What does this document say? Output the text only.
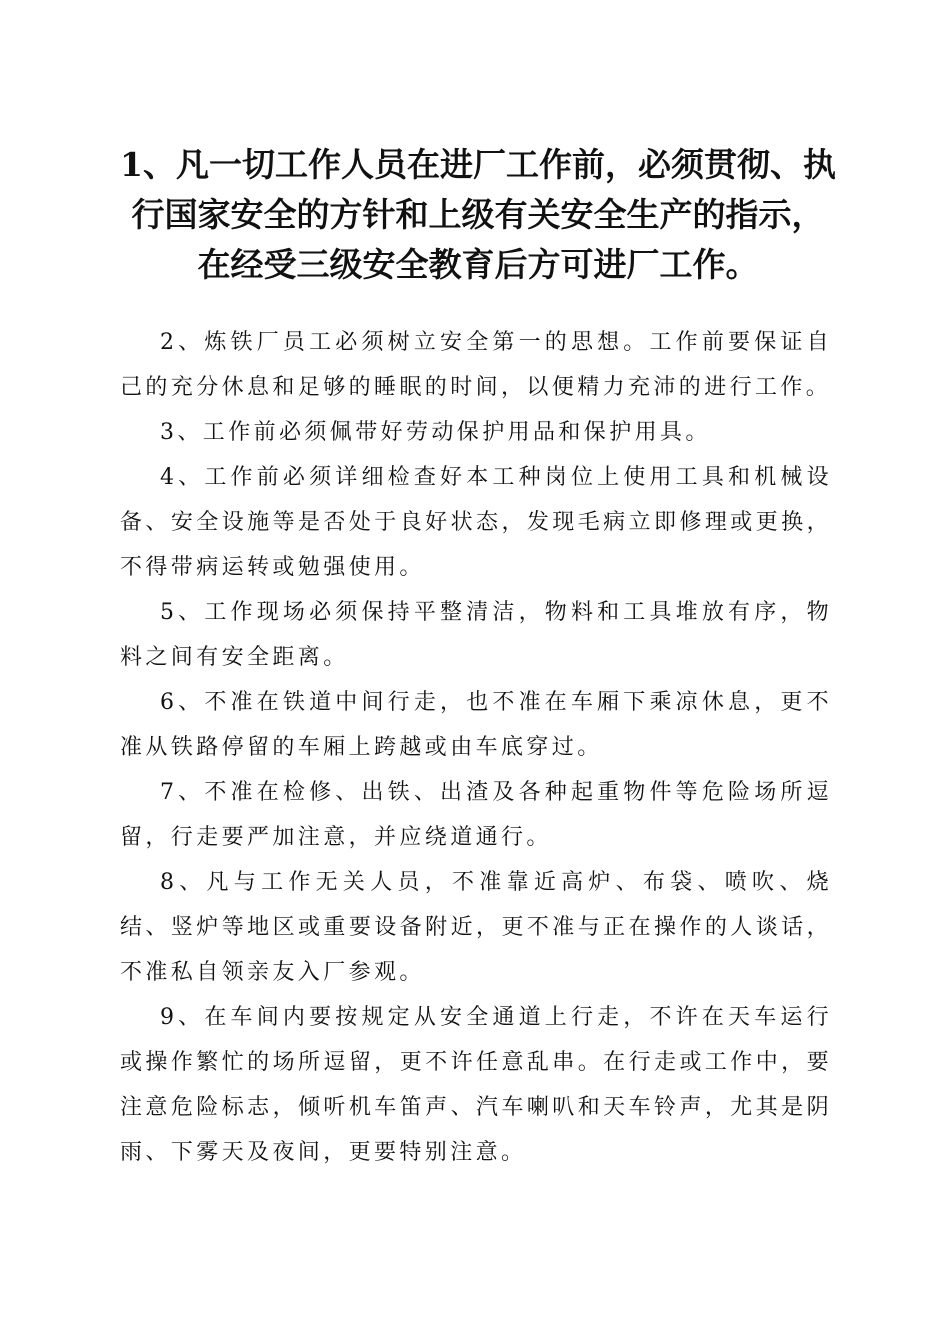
1、凡一切工作人员在进厂工作前，必须贯彻、执行国家安全的方针和上级有关安全生产的指示，在经受三级安全教育后方可进厂工作。

2、炼铁厂员工必须树立安全第一的思想。工作前要保证自己的充分休息和足够的睡眠的时间，以便精力充沛的进行工作。

3、工作前必须佩带好劳动保护用品和保护用具。

4、工作前必须详细检查好本工种岗位上使用工具和机械设备、安全设施等是否处于良好状态，发现毛病立即修理或更换，不得带病运转或勉强使用。

5、工作现场必须保持平整清洁，物料和工具堆放有序，物料之间有安全距离。

6、不准在铁道中间行走，也不准在车厢下乘凉休息，更不准从铁路停留的车厢上跨越或由车底穿过。

7、不准在检修、出铁、出渣及各种起重物件等危险场所逗留，行走要严加注意，并应绕道通行。

8、凡与工作无关人员，不准靠近高炉、布袋、喷吹、烧结、竖炉等地区或重要设备附近，更不准与正在操作的人谈话，不准私自领亲友入厂参观。

9、在车间内要按规定从安全通道上行走，不许在天车运行或操作繁忙的场所逗留，更不许任意乱串。在行走或工作中，要注意危险标志，倾听机车笛声、汽车喇叭和天车铃声，尤其是阴雨、下雾天及夜间，更要特别注意。
